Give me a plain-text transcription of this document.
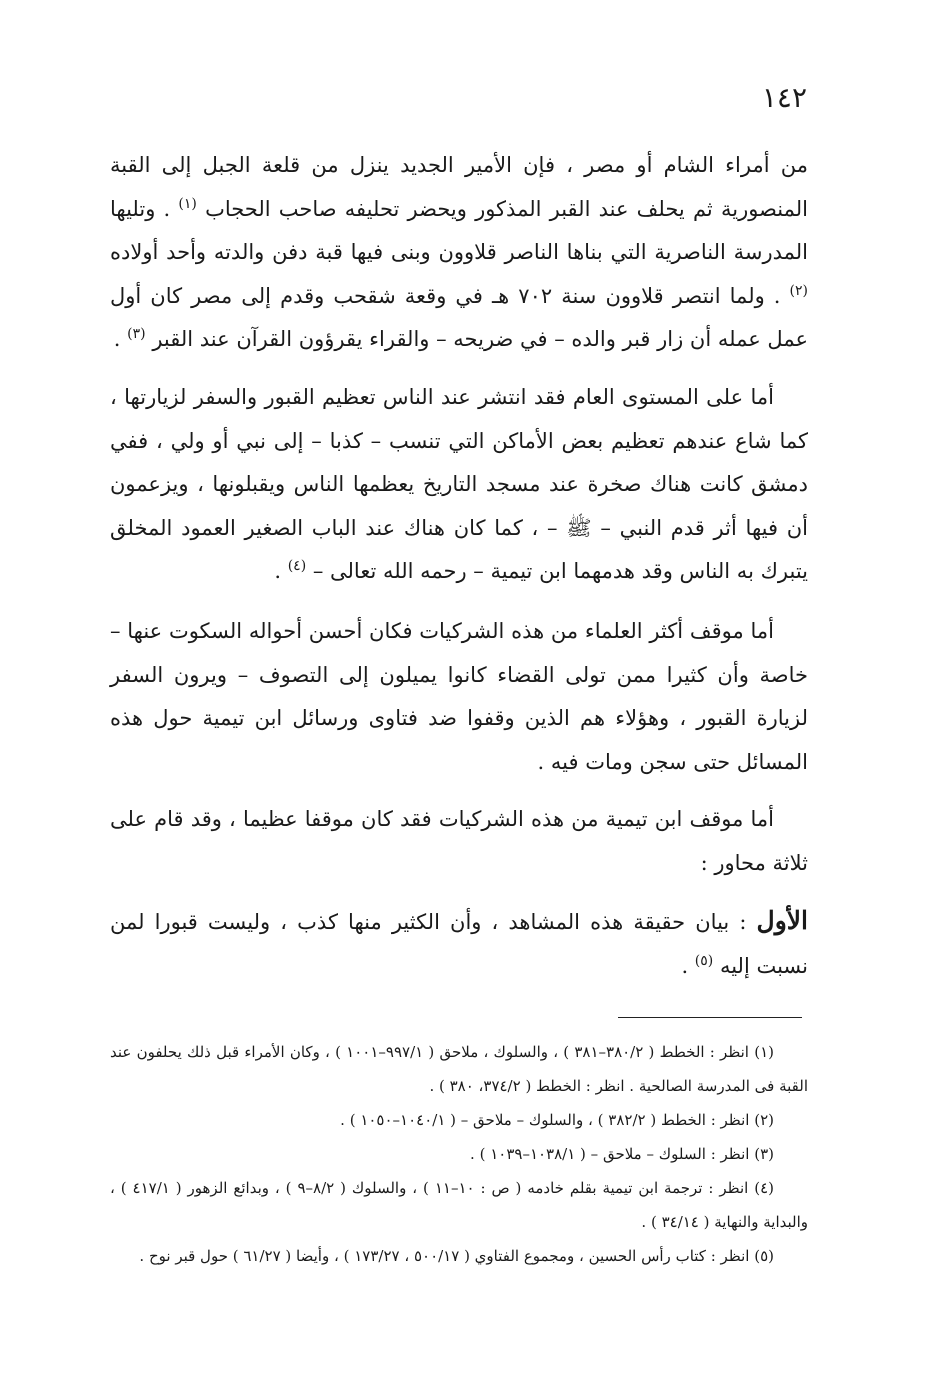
١٤٢

من أمراء الشام أو مصر ، فإن الأمير الجديد ينزل من قلعة الجبل إلى القبة المنصورية ثم يحلف عند القبر المذكور ويحضر تحليفه صاحب الحجاب $^{(١)}$ . وتليها المدرسة الناصرية التي بناها الناصر قلاوون وبنى فيها قبة دفن والدته وأحد أولاده $^{(٢)}$ . ولما انتصر قلاوون سنة ٧٠٢ هـ في وقعة شقحب وقدم إلى مصر كان أول عمل عمله أن زار قبر والده – في ضريحه – والقراء يقرؤون القرآن عند القبر $^{(٣)}$ .

أما على المستوى العام فقد انتشر عند الناس تعظيم القبور والسفر لزيارتها ، كما شاع عندهم تعظيم بعض الأماكن التي تنسب – كذبا – إلى نبي أو ولي ، ففي دمشق كانت هناك صخرة عند مسجد التاريخ يعظمها الناس ويقبلونها ، ويزعمون أن فيها أثر قدم النبي – ﷺ – ، كما كان هناك عند الباب الصغير العمود المخلق يتبرك به الناس وقد هدمهما ابن تيمية – رحمه الله تعالى – $^{(٤)}$ .

أما موقف أكثر العلماء من هذه الشركيات فكان أحسن أحواله السكوت عنها – خاصة وأن كثيرا ممن تولى القضاء كانوا يميلون إلى التصوف – ويرون السفر لزيارة القبور ، وهؤلاء هم الذين وقفوا ضد فتاوى ورسائل ابن تيمية حول هذه المسائل حتى سجن ومات فيه .

أما موقف ابن تيمية من هذه الشركيات فقد كان موقفا عظيما ، وقد قام على ثلاثة محاور :

الأول : بيان حقيقة هذه المشاهد ، وأن الكثير منها كذب ، وليست قبورا لمن نسبت إليه $^{(٥)}$ .

(١) انظر : الخطط ( ٣٨٠/٢–٣٨١ ) ، والسلوك ، ملاحق ( ٩٩٧/١–١٠٠١ ) ، وكان الأمراء قبل ذلك يحلفون عند القبة فى المدرسة الصالحية . انظر : الخطط ( ٣٧٤/٢، ٣٨٠ ) .

(٢) انظر : الخطط ( ٣٨٢/٢ ) ، والسلوك – ملاحق – ( ١٠٤٠/١–١٠٥٠ ) .

(٣) انظر : السلوك – ملاحق – ( ١٠٣٨/١–١٠٣٩ ) .

(٤) انظر : ترجمة ابن تيمية بقلم خادمه ( ص : ١٠–١١ ) ، والسلوك ( ٨/٢–٩ ) ، وبدائع الزهور ( ٤١٧/١ ) ، والبداية والنهاية ( ٣٤/١٤ ) .

(٥) انظر : كتاب رأس الحسين ، ومجموع الفتاوي ( ٥٠٠/١٧ ، ١٧٣/٢٧ ) ، وأيضا ( ٦١/٢٧ ) حول قبر نوح .
